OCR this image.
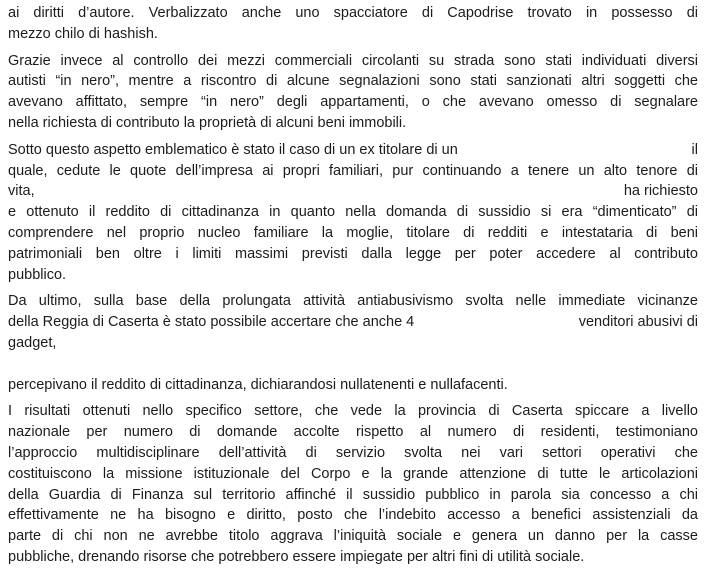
ai diritti d’autore. Verbalizzato anche uno spacciatore di Capodrise trovato in possesso di
mezzo chilo di hashish.
Grazie invece al controllo dei mezzi commerciali circolanti su strada sono stati individuati diversi
autisti “in nero”, mentre a riscontro di alcune segnalazioni sono stati sanzionati altri soggetti che
avevano affittato, sempre “in nero” degli appartamenti, o che avevano omesso di segnalare
nella richiesta di contributo la proprietà di alcuni beni immobili.
Sotto questo aspetto emblematico è stato il caso di un ex titolare di un	il
quale, cedute le quote dell’impresa ai propri familiari, pur continuando a tenere un alto tenore di
vita,	ha richiesto
e ottenuto il reddito di cittadinanza in quanto nella domanda di sussidio si era “dimenticato” di
comprendere nel proprio nucleo familiare la moglie, titolare di redditi e intestataria di beni
patrimoniali ben oltre i limiti massimi previsti dalla legge per poter accedere al contributo
pubblico.
Da ultimo, sulla base della prolungata attività antiabusivismo svolta nelle immediate vicinanze
della Reggia di Caserta è stato possibile accertare che anche 4	venditori abusivi di
gadget,
percepivano il reddito di cittadinanza, dichiarandosi nullatenenti e nullafacenti.
I risultati ottenuti nello specifico settore, che vede la provincia di Caserta spiccare a livello
nazionale per numero di domande accolte rispetto al numero di residenti, testimoniano
l’approccio multidisciplinare dell’attività di servizio svolta nei vari settori operativi che
costituiscono la missione istituzionale del Corpo e la grande attenzione di tutte le articolazioni
della Guardia di Finanza sul territorio affinché il sussidio pubblico in parola sia concesso a chi
effettivamente ne ha bisogno e diritto, posto che l’indebito accesso a benefici assistenziali da
parte di chi non ne avrebbe titolo aggrava l’iniquità sociale e genera un danno per la casse
pubbliche, drenando risorse che potrebbero essere impiegate per altri fini di utilità sociale.
